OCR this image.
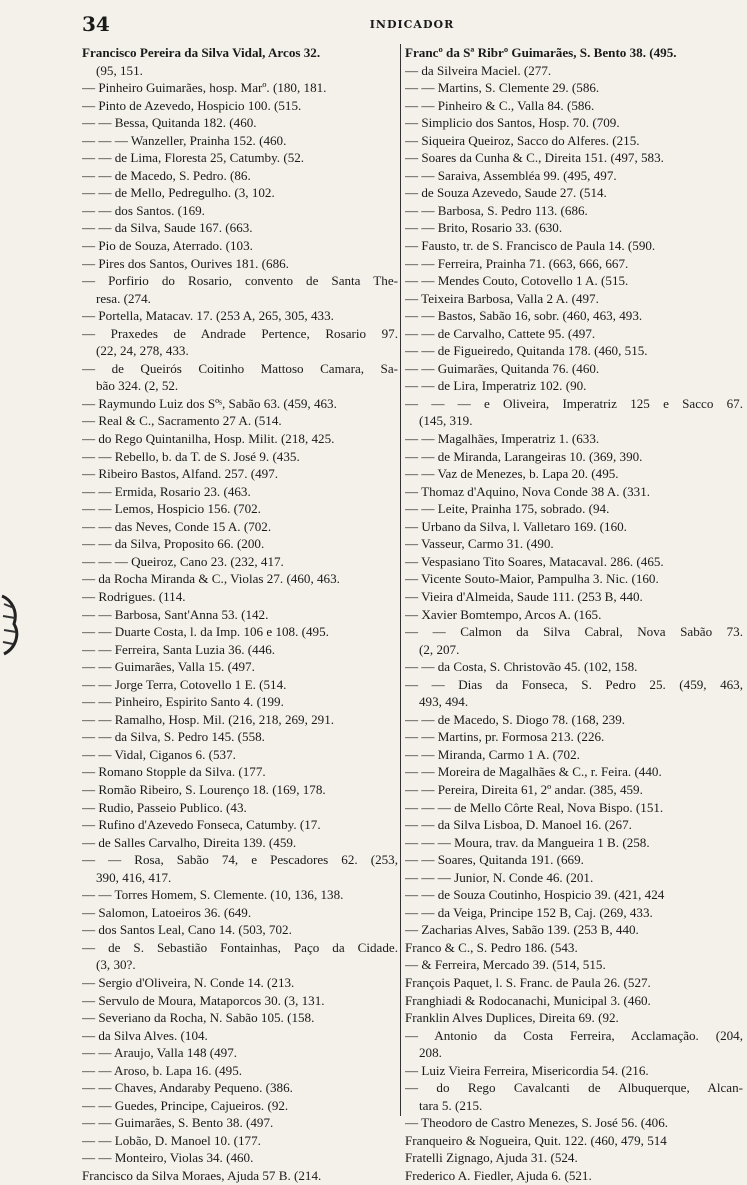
34	INDICADOR
Francisco Pereira da Silva Vidal, Arcos 32.
(95, 151.
— Pinheiro Guimarães, hosp. Marº. (180, 181.
— Pinto de Azevedo, Hospicio 100. (515.
— — Bessa, Quitanda 182. (460.
— — — Wanzeller, Prainha 152. (460.
— — de Lima, Floresta 25, Catumby. (52.
— — de Macedo, S. Pedro. (86.
— — de Mello, Pedregulho. (3, 102.
— — dos Santos. (169.
— — da Silva, Saude 167. (663.
— Pio de Souza, Aterrado. (103.
— Pires dos Santos, Ourives 181. (686.
— Porfirio do Rosario, convento de Santa The-
resa. (274.
— Portella, Matacav. 17. (253 A, 265, 305, 433.
— Praxedes de Andrade Pertence, Rosario 97.
(22, 24, 278, 433.
— de Queirós Coitinho Mattoso Camara, Sa-
bão 324. (2, 52.
— Raymundo Luiz dos Sºˢ, Sabão 63. (459, 463.
— Real & C., Sacramento 27 A. (514.
— do Rego Quintanilha, Hosp. Milit. (218, 425.
— — Rebello, b. da T. de S. José 9. (435.
— Ribeiro Bastos, Alfand. 257. (497.
— — Ermida, Rosario 23. (463.
— — Lemos, Hospicio 156. (702.
— — das Neves, Conde 15 A. (702.
— — da Silva, Proposito 66. (200.
— — — Queiroz, Cano 23. (232, 417.
— da Rocha Miranda & C., Violas 27. (460, 463.
— Rodrigues. (114.
— — Barbosa, Sant'Anna 53. (142.
— — Duarte Costa, l. da Imp. 106 e 108. (495.
— — Ferreira, Santa Luzia 36. (446.
— — Guimarães, Valla 15. (497.
— — Jorge Terra, Cotovello 1 E. (514.
— — Pinheiro, Espirito Santo 4. (199.
— — Ramalho, Hosp. Mil. (216, 218, 269, 291.
— — da Silva, S. Pedro 145. (558.
— — Vidal, Ciganos 6. (537.
— Romano Stopple da Silva. (177.
— Romão Ribeiro, S. Lourenço 18. (169, 178.
— Rudio, Passeio Publico. (43.
— Rufino d'Azevedo Fonseca, Catumby. (17.
— de Salles Carvalho, Direita 139. (459.
— — Rosa, Sabão 74, e Pescadores 62. (253,
390, 416, 417.
— — Torres Homem, S. Clemente. (10, 136, 138.
— Salomon, Latoeiros 36. (649.
— dos Santos Leal, Cano 14. (503, 702.
— de S. Sebastião Fontainhas, Paço da Cidade.
(3, 30?.
— Sergio d'Oliveira, N. Conde 14. (213.
— Servulo de Moura, Mataporcos 30. (3, 131.
— Severiano da Rocha, N. Sabão 105. (158.
— da Silva Alves. (104.
— — Araujo, Valla 148 (497.
— — Aroso, b. Lapa 16. (495.
— — Chaves, Andaraby Pequeno. (386.
— — Guedes, Principe, Cajueiros. (92.
— — Guimarães, S. Bento 38. (497.
— — Lobão, D. Manoel 10. (177.
— — Monteiro, Violas 34. (460.
Francisco da Silva Moraes, Ajuda 57 B. (214.
Francº da Sª Ribrº Guimarães, S. Bento 38. (495.
— da Silveira Maciel. (277.
— — Martins, S. Clemente 29. (586.
— — Pinheiro & C., Valla 84. (586.
— Simplicio dos Santos, Hosp. 70. (709.
— Siqueira Queiroz, Sacco do Alferes. (215.
— Soares da Cunha & C., Direita 151. (497, 583.
— — Saraiva, Assembléa 99. (495, 497.
— de Souza Azevedo, Saude 27. (514.
— — Barbosa, S. Pedro 113. (686.
— — Brito, Rosario 33. (630.
— Fausto, tr. de S. Francisco de Paula 14. (590.
— — Ferreira, Prainha 71. (663, 666, 667.
— — Mendes Couto, Cotovello 1 A. (515.
— Teixeira Barbosa, Valla 2 A. (497.
— — Bastos, Sabão 16, sobr. (460, 463, 493.
— — de Carvalho, Cattete 95. (497.
— — de Figueiredo, Quitanda 178. (460, 515.
— — Guimarães, Quitanda 76. (460.
— — de Lira, Imperatriz 102. (90.
— — — e Oliveira, Imperatriz 125 e Sacco 67.
(145, 319.
— — Magalhães, Imperatriz 1. (633.
— — de Miranda, Larangeiras 10. (369, 390.
— — Vaz de Menezes, b. Lapa 20. (495.
— Thomaz d'Aquino, Nova Conde 38 A. (331.
— — Leite, Prainha 175, sobrado. (94.
— Urbano da Silva, l. Valletaro 169. (160.
— Vasseur, Carmo 31. (490.
— Vespasiano Tito Soares, Matacaval. 286. (465.
— Vicente Souto-Maior, Pampulha 3. Nic. (160.
— Vieira d'Almeida, Saude 111. (253 B, 440.
— Xavier Bomtempo, Arcos A. (165.
— — Calmon da Silva Cabral, Nova Sabão 73.
(2, 207.
— — da Costa, S. Christovão 45. (102, 158.
— — Dias da Fonseca, S. Pedro 25. (459, 463,
493, 494.
— — de Macedo, S. Diogo 78. (168, 239.
— — Martins, pr. Formosa 213. (226.
— — Miranda, Carmo 1 A. (702.
— — Moreira de Magalhães & C., r. Feira. (440.
— — Pereira, Direita 61, 2º andar. (385, 459.
— — — de Mello Côrte Real, Nova Bispo. (151.
— — da Silva Lisboa, D. Manoel 16. (267.
— — — Moura, trav. da Mangueira 1 B. (258.
— — Soares, Quitanda 191. (669.
— — — Junior, N. Conde 46. (201.
— — de Souza Coutinho, Hospicio 39. (421, 424
— — da Veiga, Principe 152 B, Caj. (269, 433.
— Zacharias Alves, Sabão 139. (253 B, 440.
Franco & C., S. Pedro 186. (543.
— & Ferreira, Mercado 39. (514, 515.
François Paquet, l. S. Franc. de Paula 26. (527.
Franghiadi & Rodocanachi, Municipal 3. (460.
Franklin Alves Duplices, Direita 69. (92.
— Antonio da Costa Ferreira, Acclamação. (204,
208.
— Luiz Vieira Ferreira, Misericordia 54. (216.
— do Rego Cavalcanti de Albuquerque, Alcan-
tara 5. (215.
— Theodoro de Castro Menezes, S. José 56. (406.
Franqueiro & Nogueira, Quit. 122. (460, 479, 514
Fratelli Zignago, Ajuda 31. (524.
Frederico A. Fiedler, Ajuda 6. (521.
